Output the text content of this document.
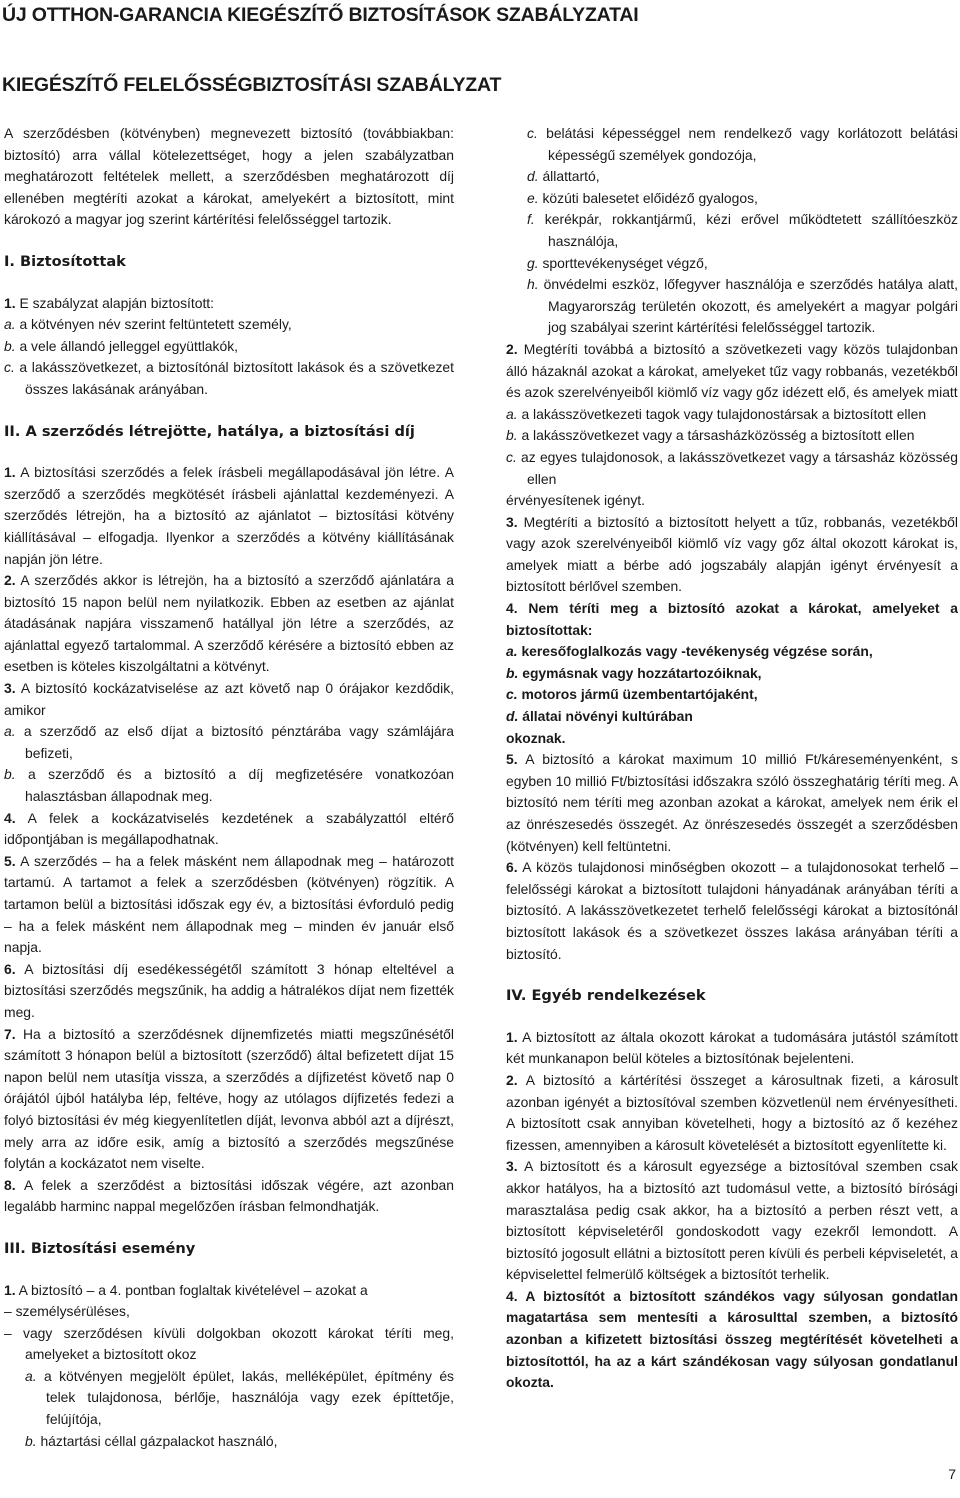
ÚJ OTTHON-GARANCIA KIEGÉSZÍTŐ BIZTOSÍTÁSOK SZABÁLYZATAI
KIEGÉSZÍTŐ FELELŐSSÉGBIZTOSÍTÁSI SZABÁLYZAT

A szerződésben (kötvényben) megnevezett biztosító (továbbiakban: biztosító) arra vállal kötelezettséget, hogy a jelen szabályzatban meghatározott feltételek mellett, a szerződésben meghatározott díj ellenében megtéríti azokat a károkat, amelyekért a biztosított, mint károkozó a magyar jog szerint kártérítési felelősséggel tartozik.

I. Biztosítottak

1. E szabályzat alapján biztosított:

a. a kötvényen név szerint feltüntetett személy,

b. a vele állandó jelleggel együttlakók,

c. a lakásszövetkezet, a biztosítónál biztosított lakások és a szövetkezet összes lakásának arányában.

II. A szerződés létrejötte, hatálya, a biztosítási díj

1. A biztosítási szerződés a felek írásbeli megállapodásával jön létre. A szerződő a szerződés megkötését írásbeli ajánlattal kezdeményezi. A szerződés létrejön, ha a biztosító az ajánlatot – biztosítási kötvény kiállításával – elfogadja. Ilyenkor a szerződés a kötvény kiállításának napján jön létre.

2. A szerződés akkor is létrejön, ha a biztosító a szerződő ajánlatára a biztosító 15 napon belül nem nyilatkozik. Ebben az esetben az ajánlat átadásának napjára visszamenő hatállyal jön létre a szerződés, az ajánlattal egyező tartalommal. A szerződő kérésére a biztosító ebben az esetben is köteles kiszolgáltatni a kötvényt.

3. A biztosító kockázatviselése az azt követő nap 0 órájakor kezdődik, amikor

a. a szerződő az első díjat a biztosító pénztárába vagy számlájára befizeti,

b. a szerződő és a biztosító a díj megfizetésére vonatkozóan halasztásban állapodnak meg.

4. A felek a kockázatviselés kezdetének a szabályzattól eltérő időpontjában is megállapodhatnak.

5. A szerződés – ha a felek másként nem állapodnak meg – határozott tartamú. A tartamot a felek a szerződésben (kötvényen) rögzítik. A tartamon belül a biztosítási időszak egy év, a biztosítási évforduló pedig – ha a felek másként nem állapodnak meg – minden év január első napja.

6. A biztosítási díj esedékességétől számított 3 hónap elteltével a biztosítási szerződés megszűnik, ha addig a hátralékos díjat nem fizették meg.

7. Ha a biztosító a szerződésnek díjnemfizetés miatti megszűnésétől számított 3 hónapon belül a biztosított (szerződő) által befizetett díjat 15 napon belül nem utasítja vissza, a szerződés a díjfizetést követő nap 0 órájától újból hatályba lép, feltéve, hogy az utólagos díjfizetés fedezi a folyó biztosítási év még kiegyenlítetlen díját, levonva abból azt a díjrészt, mely arra az időre esik, amíg a biztosító a szerződés megszűnése folytán a kockázatot nem viselte.

8. A felek a szerződést a biztosítási időszak végére, azt azonban legalább harminc nappal megelőzően írásban felmondhatják.

III. Biztosítási esemény

1. A biztosító – a 4. pontban foglaltak kivételével – azokat a

– személysérüléses,

– vagy szerződésen kívüli dolgokban okozott károkat téríti meg, amelyeket a biztosított okoz

a. a kötvényen megjelölt épület, lakás, melléképület, építmény és telek tulajdonosa, bérlője, használója vagy ezek építtetője, felújítója,

b. háztartási céllal gázpalackot használó,

c. belátási képességgel nem rendelkező vagy korlátozott belátási képességű személyek gondozója,

d. állattartó,

e. közúti balesetet előidéző gyalogos,

f. kerékpár, rokkantjármű, kézi erővel működtetett szállítóeszköz használója,

g. sporttevékenységet végző,

h. önvédelmi eszköz, lőfegyver használója e szerződés hatálya alatt, Magyarország területén okozott, és amelyekért a magyar polgári jog szabályai szerint kártérítési felelősséggel tartozik.

2. Megtéríti továbbá a biztosító a szövetkezeti vagy közös tulajdonban álló házaknál azokat a károkat, amelyeket tűz vagy robbanás, vezetékből és azok szerelvényeiből kiömlő víz vagy gőz idézett elő, és amelyek miatt

a. a lakásszövetkezeti tagok vagy tulajdonostársak a biztosított ellen

b. a lakásszövetkezet vagy a társasházközösség a biztosított ellen

c. az egyes tulajdonosok, a lakásszövetkezet vagy a társasház közösség ellen

érvényesítenek igényt.

3. Megtéríti a biztosító a biztosított helyett a tűz, robbanás, vezetékből vagy azok szerelvényeiből kiömlő víz vagy gőz által okozott károkat is, amelyek miatt a bérbe adó jogszabály alapján igényt érvényesít a biztosított bérlővel szemben.

4. Nem téríti meg a biztosító azokat a károkat, amelyeket a biztosítottak:

a. keresőfoglalkozás vagy -tevékenység végzése során,

b. egymásnak vagy hozzátartozóiknak,

c. motoros jármű üzembentartójaként,

d. állatai növényi kultúrában

okoznak.

5. A biztosító a károkat maximum 10 millió Ft/káreseményenként, s egyben 10 millió Ft/biztosítási időszakra szóló összeghatárig téríti meg. A biztosító nem téríti meg azonban azokat a károkat, amelyek nem érik el az önrészesedés összegét. Az önrészesedés összegét a szerződésben (kötvényen) kell feltüntetni.

6. A közös tulajdonosi minőségben okozott – a tulajdonosokat terhelő – felelősségi károkat a biztosított tulajdoni hányadának arányában téríti a biztosító. A lakásszövetkezetet terhelő felelősségi károkat a biztosítónál biztosított lakások és a szövetkezet összes lakása arányában téríti a biztosító.

IV. Egyéb rendelkezések

1. A biztosított az általa okozott károkat a tudomására jutástól számított két munkanapon belül köteles a biztosítónak bejelenteni.

2. A biztosító a kártérítési összeget a károsultnak fizeti, a károsult azonban igényét a biztosítóval szemben közvetlenül nem érvényesítheti. A biztosított csak annyiban követelheti, hogy a biztosító az ő kezéhez fizessen, amennyiben a károsult követelését a biztosított egyenlítette ki.

3. A biztosított és a károsult egyezsége a biztosítóval szemben csak akkor hatályos, ha a biztosító azt tudomásul vette, a biztosító bírósági marasztalása pedig csak akkor, ha a biztosító a perben részt vett, a biztosított képviseletéről gondoskodott vagy ezekről lemondott. A biztosító jogosult ellátni a biztosított peren kívüli és perbeli képviseletét, a képviselettel felmerülő költségek a biztosítót terhelik.

4. A biztosítót a biztosított szándékos vagy súlyosan gondatlan magatartása sem mentesíti a károsulttal szemben, a biztosító azonban a kifizetett biztosítási összeg megtérítését követelheti a biztosítottól, ha az a kárt szándékosan vagy súlyosan gondatlanul okozta.

7
